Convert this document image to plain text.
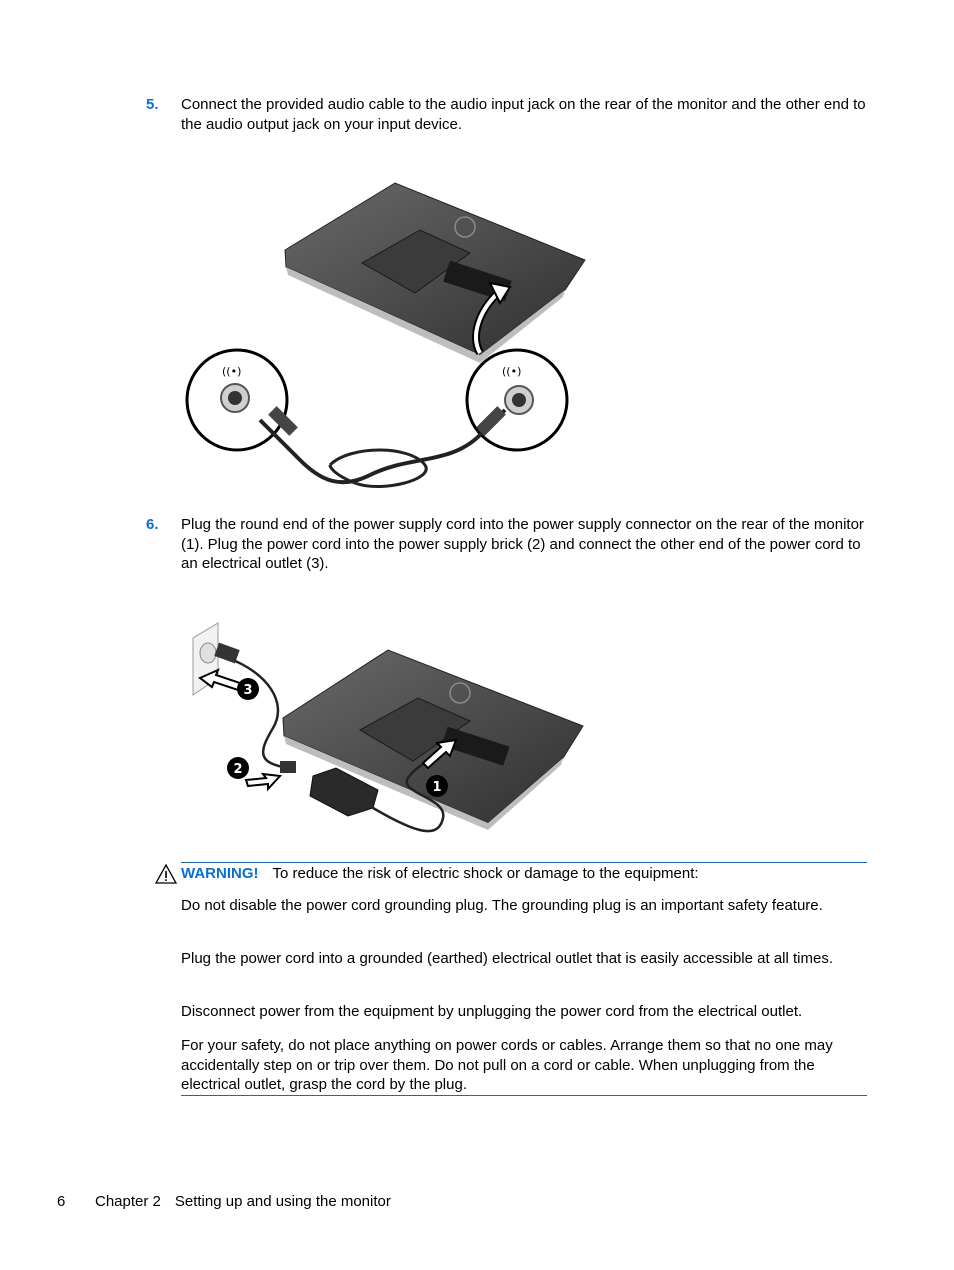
5. Connect the provided audio cable to the audio input jack on the rear of the monitor and the other end to the audio output jack on your input device.
((•)	((•)
6. Plug the round end of the power supply cord into the power supply connector on the rear of the monitor (1). Plug the power cord into the power supply brick (2) and connect the other end of the power cord to an electrical outlet (3).
3
2
1
WARNING! To reduce the risk of electric shock or damage to the equipment:
Do not disable the power cord grounding plug. The grounding plug is an important safety feature.
Plug the power cord into a grounded (earthed) electrical outlet that is easily accessible at all times.
Disconnect power from the equipment by unplugging the power cord from the electrical outlet.
For your safety, do not place anything on power cords or cables. Arrange them so that no one may accidentally step on or trip over them. Do not pull on a cord or cable. When unplugging from the electrical outlet, grasp the cord by the plug.
6 Chapter 2 Setting up and using the monitor
